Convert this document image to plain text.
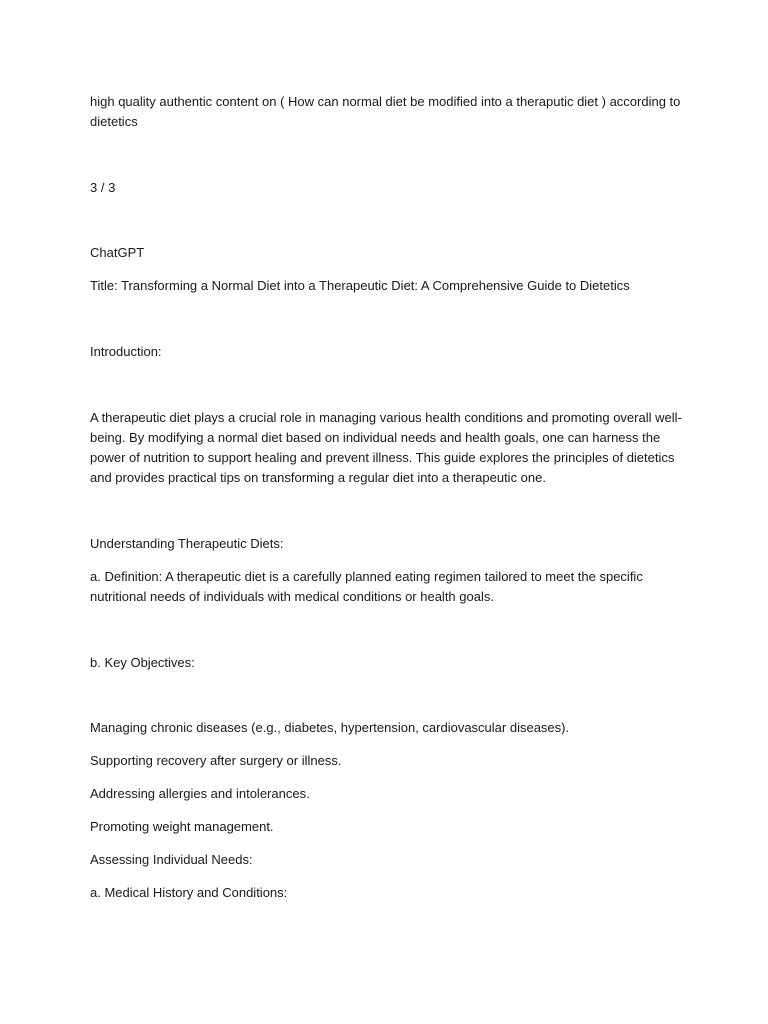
high quality authentic content on ( How can normal diet be modified into a theraputic diet ) according to

dietetics

3 / 3

ChatGPT

Title: Transforming a Normal Diet into a Therapeutic Diet: A Comprehensive Guide to Dietetics

Introduction:

A therapeutic diet plays a crucial role in managing various health conditions and promoting overall well-

being. By modifying a normal diet based on individual needs and health goals, one can harness the

power of nutrition to support healing and prevent illness. This guide explores the principles of dietetics

and provides practical tips on transforming a regular diet into a therapeutic one.

Understanding Therapeutic Diets:

a. Definition: A therapeutic diet is a carefully planned eating regimen tailored to meet the specific

nutritional needs of individuals with medical conditions or health goals.

b. Key Objectives:

Managing chronic diseases (e.g., diabetes, hypertension, cardiovascular diseases).

Supporting recovery after surgery or illness.

Addressing allergies and intolerances.

Promoting weight management.

Assessing Individual Needs:

a. Medical History and Conditions:
